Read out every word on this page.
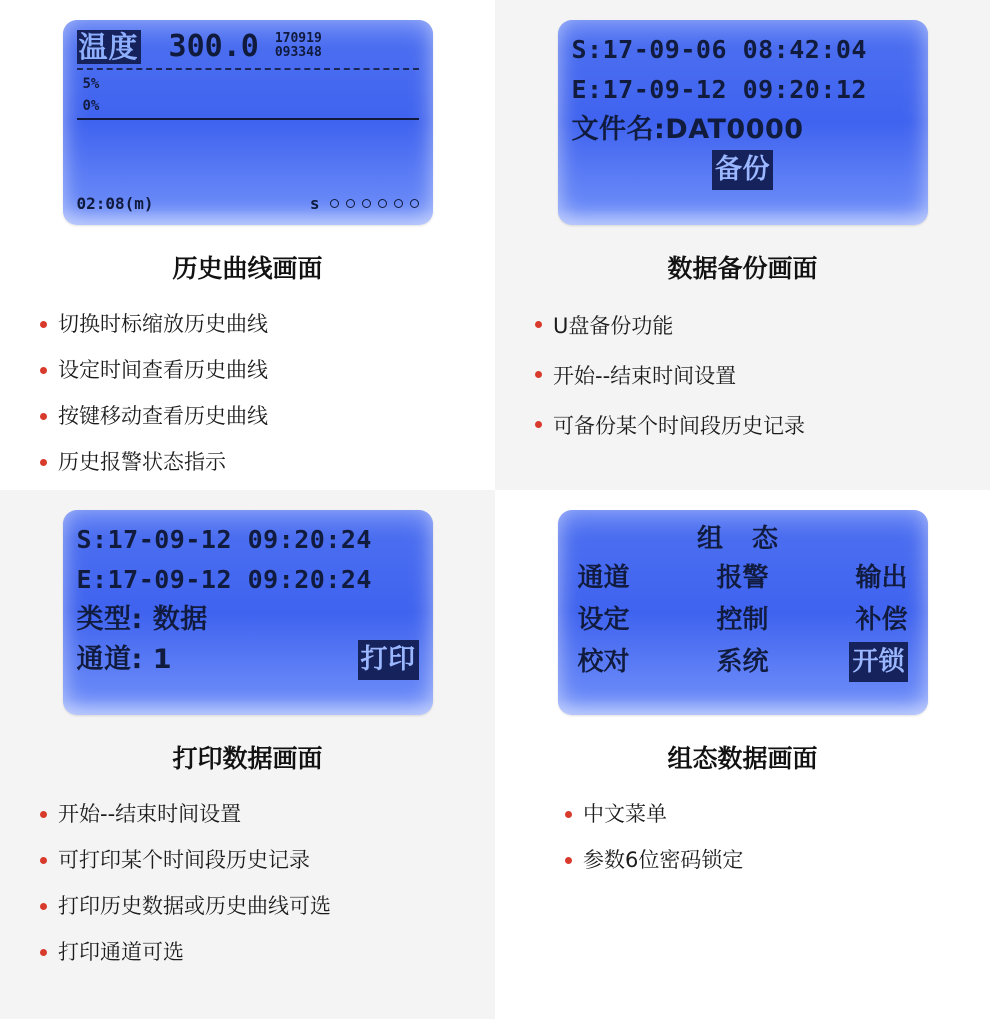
温度 300.0 170919
093348
5%
0%
02:08(m)	s
历史曲线画面
切换时标缩放历史曲线
设定时间查看历史曲线
按键移动查看历史曲线
历史报警状态指示
S:17-09-06 08:42:04
E:17-09-12 09:20:12
文件名:DAT0000
备份
数据备份画面
U盘备份功能
开始--结束时间设置
可备份某个时间段历史记录
S:17-09-12 09:20:24
E:17-09-12 09:20:24
类型: 数据
通道: 1	打印
打印数据画面
开始--结束时间设置
可打印某个时间段历史记录
打印历史数据或历史曲线可选
打印通道可选
组 态
通道	报警	输出
设定	控制	补偿
校对	系统	开锁
组态数据画面
中文菜单
参数6位密码锁定
